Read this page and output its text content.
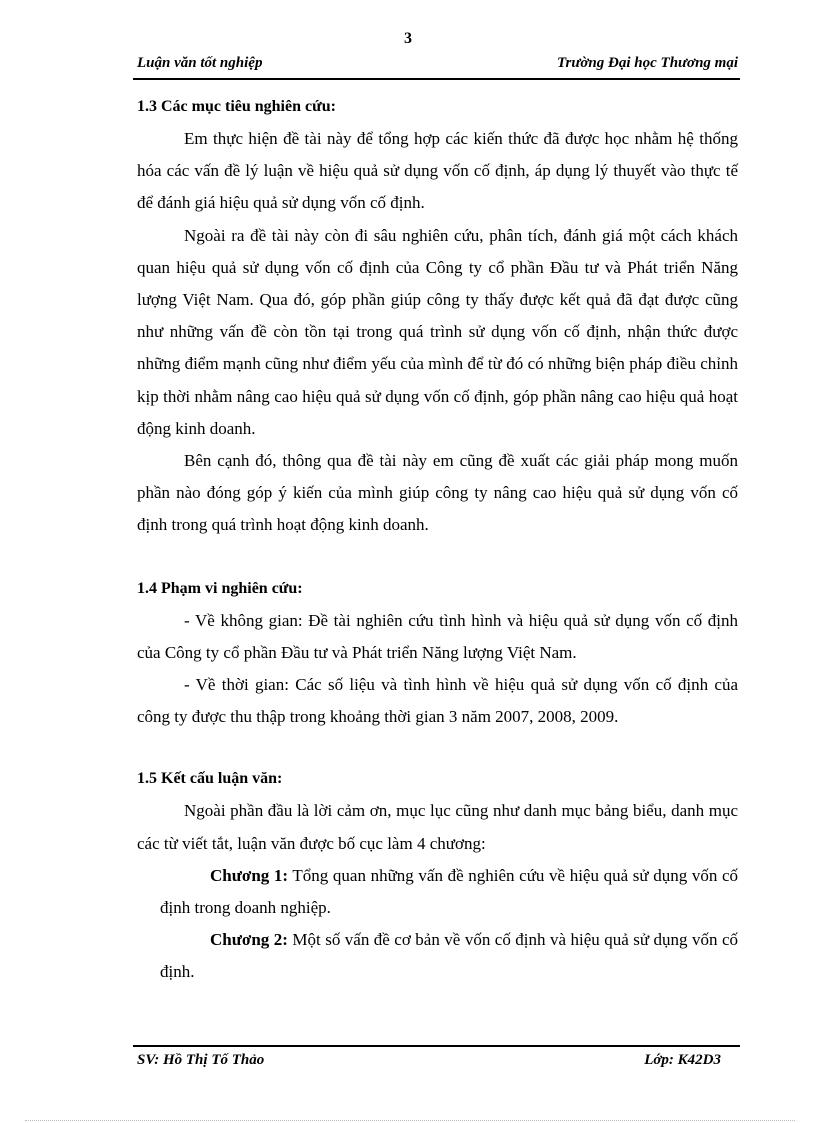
3
Luận văn tốt nghiệp	Trường Đại học Thương mại

1.3 Các mục tiêu nghiên cứu:

Em thực hiện đề tài này để tổng hợp các kiến thức đã được học nhằm hệ thống hóa các vấn đề lý luận về hiệu quả sử dụng vốn cố định, áp dụng lý thuyết vào thực tế để đánh giá hiệu quả sử dụng vốn cố định.

Ngoài ra đề tài này còn đi sâu nghiên cứu, phân tích, đánh giá một cách khách quan hiệu quả sử dụng vốn cố định của Công ty cổ phần Đầu tư và Phát triển Năng lượng Việt Nam. Qua đó, góp phần giúp công ty thấy được kết quả đã đạt được cũng như những vấn đề còn tồn tại trong quá trình sử dụng vốn cố định, nhận thức được những điểm mạnh cũng như điểm yếu của mình để từ đó có những biện pháp điều chỉnh kịp thời nhằm nâng cao hiệu quả sử dụng vốn cố định, góp phần nâng cao hiệu quả hoạt động kinh doanh.

Bên cạnh đó, thông qua đề tài này em cũng đề xuất các giải pháp mong muốn phần nào đóng góp ý kiến của mình giúp công ty nâng cao hiệu quả sử dụng vốn cố định trong quá trình hoạt động kinh doanh.

1.4 Phạm vi nghiên cứu:

- Về không gian: Đề tài nghiên cứu tình hình và hiệu quả sử dụng vốn cố định của Công ty cổ phần Đầu tư và Phát triển Năng lượng Việt Nam.

- Về thời gian: Các số liệu và tình hình về hiệu quả sử dụng vốn cố định của công ty được thu thập trong khoảng thời gian 3 năm 2007, 2008, 2009.

1.5 Kết cấu luận văn:

Ngoài phần đầu là lời cảm ơn, mục lục cũng như danh mục bảng biểu, danh mục các từ viết tắt, luận văn được bố cục làm 4 chương:

Chương 1: Tổng quan những vấn đề nghiên cứu về hiệu quả sử dụng vốn cố định trong doanh nghiệp.

Chương 2: Một số vấn đề cơ bản về vốn cố định và hiệu quả sử dụng vốn cố định.

SV: Hồ Thị Tố Thảo	Lớp: K42D3
